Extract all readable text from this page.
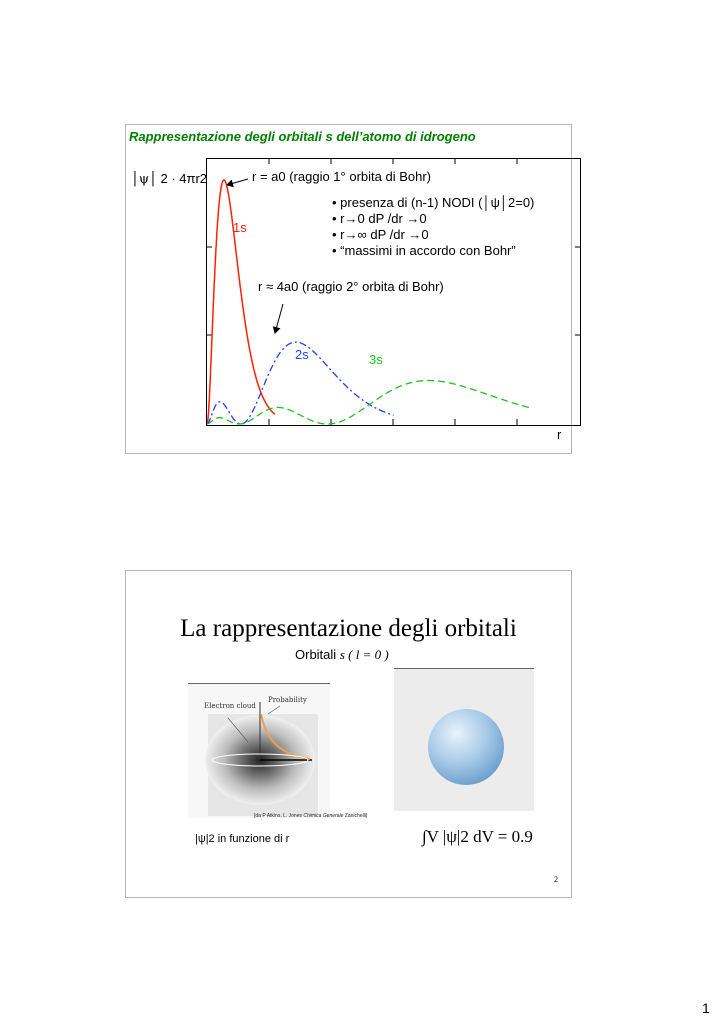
Rappresentazione degli orbitali s dell’atomo di idrogeno
│ψ│ 2 · 4πr2	r = a0 (raggio 1° orbita di Bohr)
r ≈ 4a0 (raggio 2° orbita di Bohr)
• presenza di (n-1) NODI (│ψ│2=0)
• r→0 dP /dr →0
• r→∞ dP /dr →0
• “massimi in accordo con Bohr”
1s
2s	3s
r
La rappresentazione degli orbitali
Orbitali s ( l = 0 )
Electron cloud
Probability
[da P Atkins, L. Jones Chimica Generale Zanichelli]
|ψ|2 in funzione di r	∫V |ψ|2 dV = 0.9
2
1
